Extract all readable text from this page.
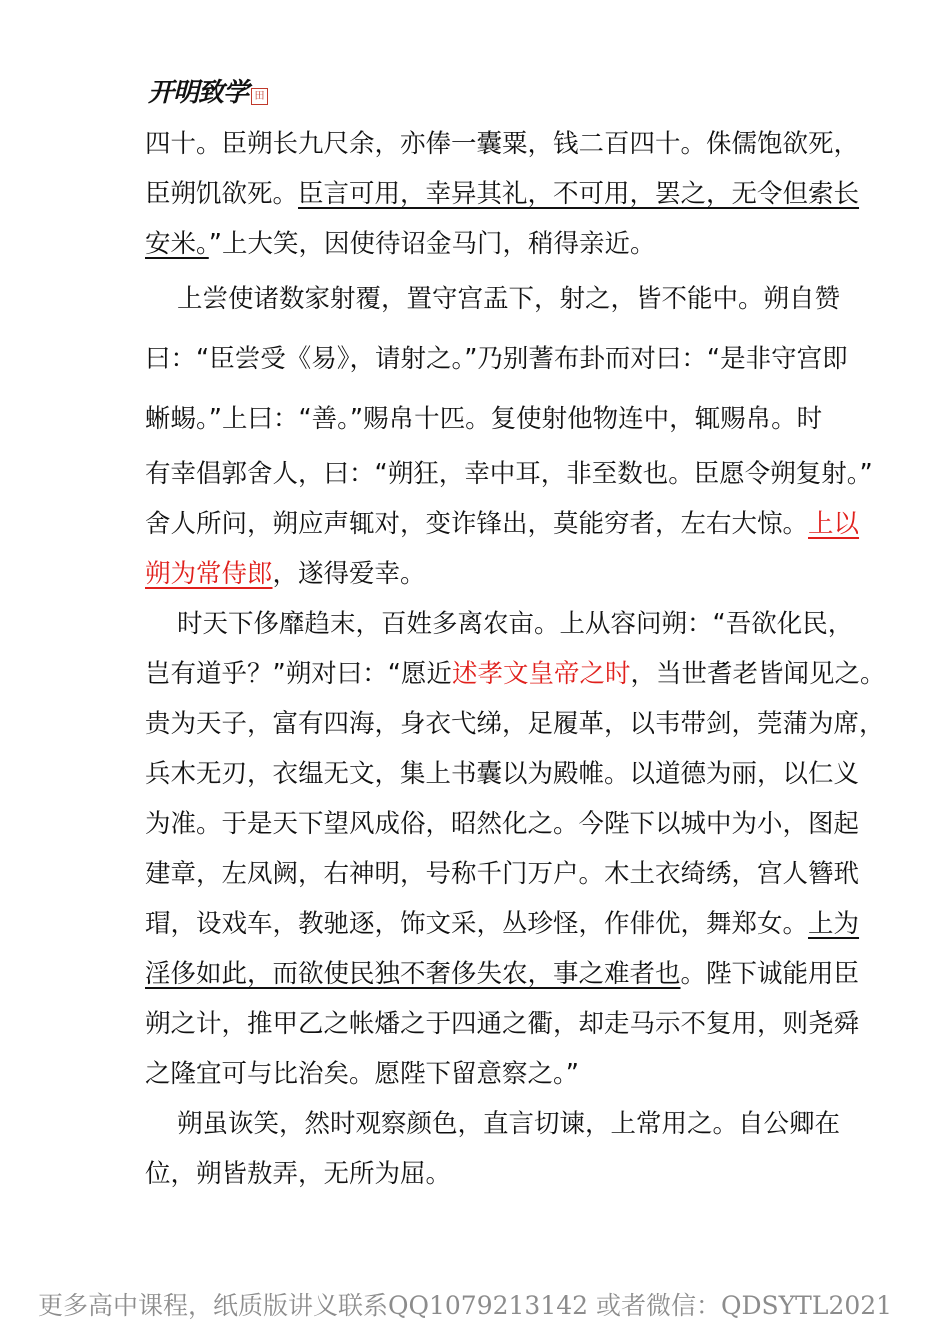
开明致学 田
四十。臣朔长九尺余，亦俸一囊粟，钱二百四十。侏儒饱欲死，
臣朔饥欲死。臣言可用，幸异其礼，不可用，罢之，无令但索长
安米。”上大笑，因使待诏金马门，稍得亲近。
上尝使诸数家射覆，置守宫盂下，射之，皆不能中。朔自赞
曰：“臣尝受《易》，请射之。”乃别蓍布卦而对曰：“是非守宫即
蜥蜴。”上曰：“善。”赐帛十匹。复使射他物连中，辄赐帛。时
有幸倡郭舍人，曰：“朔狂，幸中耳，非至数也。臣愿令朔复射。”
舍人所问，朔应声辄对，变诈锋出，莫能穷者，左右大惊。上以
朔为常侍郎，遂得爱幸。
时天下侈靡趋末，百姓多离农亩。上从容问朔：“吾欲化民，
岂有道乎？”朔对曰：“愿近述孝文皇帝之时，当世耆老皆闻见之。
贵为天子，富有四海，身衣弋绨，足履革，以韦带剑，莞蒲为席，
兵木无刃，衣缊无文，集上书囊以为殿帷。以道德为丽，以仁义
为准。于是天下望风成俗，昭然化之。今陛下以城中为小，图起
建章，左凤阙，右神明，号称千门万户。木土衣绮绣，宫人簪玳
瑁，设戏车，教驰逐，饰文采，丛珍怪，作俳优，舞郑女。上为
淫侈如此，而欲使民独不奢侈失农，事之难者也。陛下诚能用臣
朔之计，推甲乙之帐燔之于四通之衢，却走马示不复用，则尧舜
之隆宜可与比治矣。愿陛下留意察之。”
朔虽诙笑，然时观察颜色，直言切谏，上常用之。自公卿在
位，朔皆敖弄，无所为屈。
更多高中课程，纸质版讲义联系QQ1079213142 或者微信：QDSYTL2021
